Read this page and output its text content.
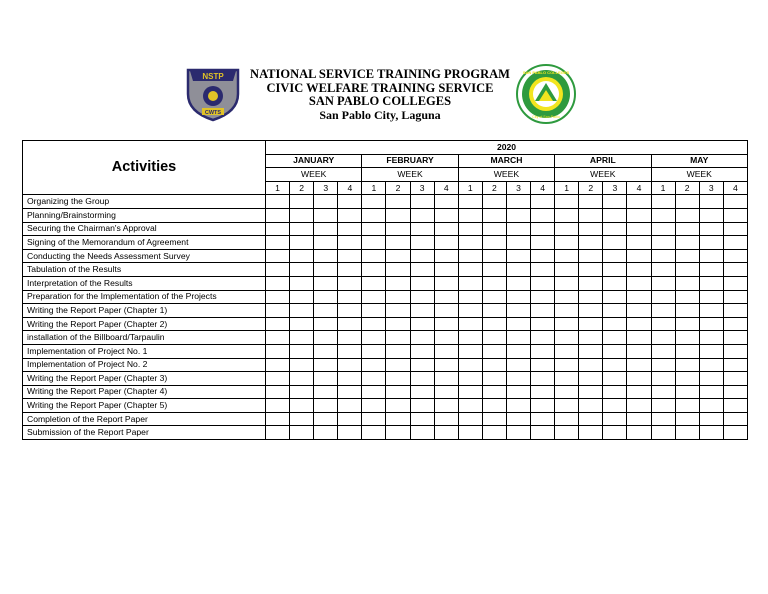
NSTP
CWTS
NATIONAL SERVICE TRAINING PROGRAM
CIVIC WELFARE TRAINING SERVICE
SAN PABLO COLLEGES
San Pablo City, Laguna
SAN PABLO COLLEGES
City of San Pablo
Activities	2020																			
	JANUARY				FEBRUARY				MARCH				APRIL				MAY			
	WEEK				WEEK				WEEK				WEEK				WEEK			
	1	2	3	4	1	2	3	4	1	2	3	4	1	2	3	4	1	2	3	4
Organizing the Group																				
Planning/Brainstorming																				
Securing the Chairman's Approval																				
Signing of the Memorandum of Agreement																				
Conducting the Needs Assessment Survey																				
Tabulation of the Results																				
Interpretation of the Results																				
Preparation for the Implementation of the Projects																				
Writing the Report Paper (Chapter 1)																				
Writing the Report Paper (Chapter 2)																				
installation of the Billboard/Tarpaulin																				
Implementation of Project No. 1																				
Implementation of Project No. 2																				
Writing the Report Paper (Chapter 3)																				
Writing the Report Paper (Chapter 4)																				
Writing the Report Paper (Chapter 5)																				
Completion of the Report Paper																				
Submission of the Report Paper																				
